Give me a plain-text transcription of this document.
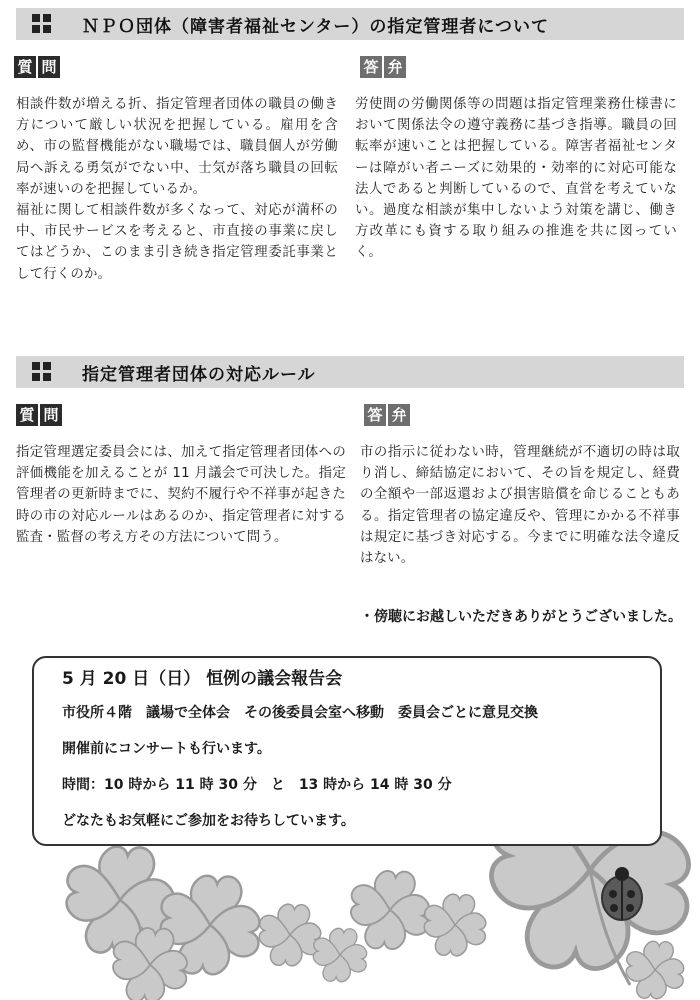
ＮＰＯ団体（障害者福祉センター）の指定管理者について
質 問	答 弁

相談件数が増える折、指定管理者団体の職員の働き方について厳しい状況を把握している。雇用を含め、市の監督機能がない職場では、職員個人が労働局へ訴える勇気がでない中、士気が落ち職員の回転率が速いのを把握しているか。

福祉に関して相談件数が多くなって、対応が満杯の中、市民サービスを考えると、市直接の事業に戻してはどうか、このまま引き続き指定管理委託事業として行くのか。

労使間の労働関係等の問題は指定管理業務仕様書において関係法令の遵守義務に基づき指導。職員の回転率が速いことは把握している。障害者福祉センターは障がい者ニーズに効果的・効率的に対応可能な法人であると判断しているので、直営を考えていない。過度な相談が集中しないよう対策を講じ、働き方改革にも資する取り組みの推進を共に図っていく。

指定管理者団体の対応ルール
質 問	答 弁

指定管理選定委員会には、加えて指定管理者団体への評価機能を加えることが 11 月議会で可決した。指定管理者の更新時までに、契約不履行や不祥事が起きた時の市の対応ルールはあるのか、指定管理者に対する監査・監督の考え方その方法について問う。

市の指示に従わない時，管理継続が不適切の時は取り消し、締結協定において、その旨を規定し、経費の全額や一部返還および損害賠償を命じることもある。指定管理者の協定違反や、管理にかかる不祥事は規定に基づき対応する。今までに明確な法令違反はない。

・傍聴にお越しいただきありがとうございました。
5 月 20 日（日） 恒例の議会報告会
市役所４階　議場で全体会　その後委員会室へ移動　委員会ごとに意見交換
開催前にコンサートも行います。
時間：10 時から 11 時 30 分　と　13 時から 14 時 30 分
どなたもお気軽にご参加をお待ちしています。
